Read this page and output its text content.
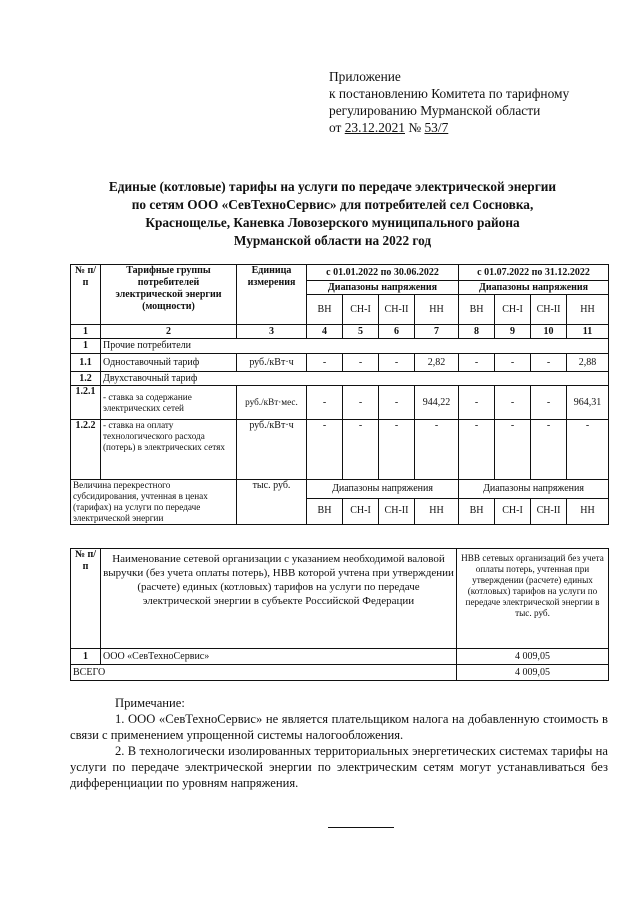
Приложение
к постановлению Комитета по тарифному
регулированию Мурманской области
от 23.12.2021 № 53/7
Единые (котловые) тарифы на услуги по передаче электрической энергии
по сетям ООО «СевТехноСервис» для потребителей сел Сосновка,
Краснощелье, Каневка Ловозерского муниципального района
Мурманской области на 2022 год
№ п/п	Тарифные группы потребителей электрической энергии (мощности)	Единица измерения	с 01.01.2022 по 30.06.2022				с 01.07.2022 по 31.12.2022			
			Диапазоны напряжения				Диапазоны напряжения			
			ВН	СН-I	СН-II	НН	ВН	СН-I	СН-II	НН
1	2	3	4	5	6	7	8	9	10	11
1	Прочие потребители									
1.1	Одноставочный тариф	руб./кВт·ч	-	-	-	2,82	-	-	-	2,88
1.2	Двухставочный тариф									
1.2.1	- ставка за содержание электрических сетей	руб./кВт·мес.	-	-	-	944,22	-	-	-	964,31
1.2.2	- ставка на оплату технологического расхода (потерь) в электрических сетях	руб./кВт·ч	-	-	-	-	-	-	-	-
Величина перекрестного субсидирования, учтенная в ценах (тарифах) на услуги по передаче электрической энергии		тыс. руб.	Диапазоны напряжения				Диапазоны напряжения			
			ВН	СН-I	СН-II	НН	ВН	СН-I	СН-II	НН
№ п/п	Наименование сетевой организации с указанием необходимой валовой выручки (без учета оплаты потерь), НВВ которой учтена при утверждении (расчете) единых (котловых) тарифов на услуги по передаче электрической энергии в субъекте Российской Федерации	НВВ сетевых организаций без учета оплаты потерь, учтенная при утверждении (расчете) единых (котловых) тарифов на услуги по передаче электрической энергии в
тыс. руб.

1	ООО «СевТехноСервис»	4 009,05
ВСЕГО		4 009,05

Примечание:

1. ООО «СевТехноСервис» не является плательщиком налога на добавленную стоимость в связи с применением упрощенной системы налогообложения.

2. В технологически изолированных территориальных энергетических системах тарифы на услуги по передаче электрической энергии по электрическим сетям могут устанавливаться без дифференциации по уровням напряжения.
